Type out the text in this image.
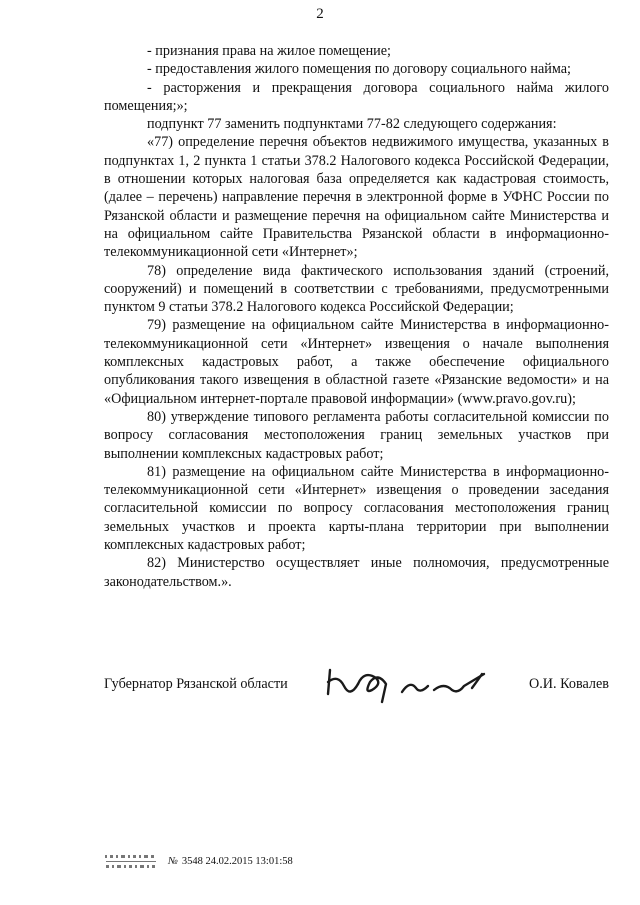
2

- признания права на жилое помещение;

- предоставления жилого помещения по договору социального найма;

- расторжения и прекращения договора социального найма жилого помещения;»;

подпункт 77 заменить подпунктами 77-82 следующего содержания:

«77) определение перечня объектов недвижимого имущества, указанных в подпунктах 1, 2 пункта 1 статьи 378.2 Налогового кодекса Российской Федерации, в отношении которых налоговая база определяется как кадастровая стоимость, (далее – перечень) направление перечня в электронной форме в УФНС России по Рязанской области и размещение перечня на официальном сайте Министерства и на официальном сайте Правительства Рязанской области в информационно-телекоммуникационной сети «Интернет»;

78) определение вида фактического использования зданий (строений, сооружений) и помещений в соответствии с требованиями, предусмотренными пунктом 9 статьи 378.2 Налогового кодекса Российской Федерации;

79) размещение на официальном сайте Министерства в информационно-телекоммуникационной сети «Интернет» извещения о начале выполнения комплексных кадастровых работ, а также обеспечение официального опубликования такого извещения в областной газете «Рязанские ведомости» и на «Официальном интернет-портале правовой информации» (www.pravo.gov.ru);

80) утверждение типового регламента работы согласительной комиссии по вопросу согласования местоположения границ земельных участков при выполнении комплексных кадастровых работ;

81) размещение на официальном сайте Министерства в информационно-телекоммуникационной сети «Интернет» извещения о проведении заседания согласительной комиссии по вопросу согласования местоположения границ земельных участков и проекта карты-плана территории при выполнении комплексных кадастровых работ;

82) Министерство осуществляет иные полномочия, предусмотренные законодательством.».

Губернатор Рязанской области	О.И. Ковалев
№ 3548 24.02.2015 13:01:58
